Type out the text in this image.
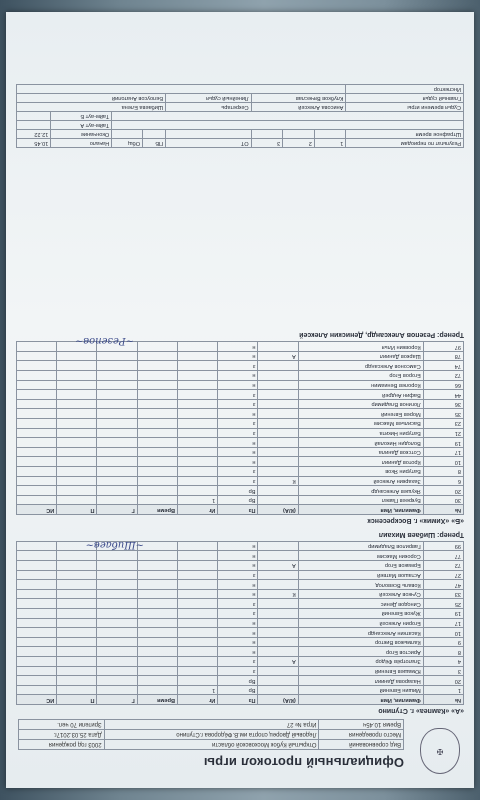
✠
Официальный протокол игры
Вид соревнований	Открытый Кубок Московской области	2003 год рождения
Место проведения	Ледовый Дворец спорта им.В.Фёдорова г.Ступино	Дата 25.03.2017г.
Время 10.45ч	Игра № 27	Зрители 70 чел.
«А» «Кампеа» г. Ступино
№	Фамилия, Имя	(К/А)	Пз	Иг	Время	Г	П	ИС
1	Мишин Евгений		Вр	1				
20	Назарова Даниил		Вр					
3	Юмашев Евгений		з					
4	Златотрёв Фёдор	А	з					
8	Аристов Егор		н					
9	Калмыков Виктор		н					
10	Касаткин Александр		н					
17	Егорин Алексей		н					
19	Жуков Евгений		з					
25	Синодов Денис		з					
33	Сучков Алексей	К	н					
47	Коваль Всеволод		н					
27	Асташов Матвей		з					
72	Ермаков Егор	А	н					
77	Сорокин Максим		н					
99	Гаврилов Владимир		н					
Тренер: Шибаев Михаил
~Шибаев~
«Б» «Химик» г. Воскресенск
№	Фамилия, Имя	(К/А)	Пз	Иг	Время	Г	П	ИС
30	Букреев Павел		Вр	1				
20	Якушев Александр		Вр					
6	Захаркин Алексей	К	з					
8	Батурин Яков		з					
10	Кротов Даниил		н					
17	Сотсков Данила		н					
19	Володин Николай		н					
21	Батурин Никита		з					
23	Васильев Максим		з					
35	Морев Евгений		н					
36	Логинов Владимир		з					
44	Вафин Андрей		з					
66	Королев Вениамин		н					
72	Егоров Егор		н					
74	Самсонов Александр		з					
78	Шарков Даниил	А	н					
97	Коровкин Илья		н					
Тренер: Резепов Александр, Денискин Алексей
~Резепов~
Результат по периодам	1	2	3	ОТ	ПБ	Общ	Начало	10.45
Штрафное время							Окончание	12.22
							Тайм-аут А	
							Тайм-аут Б	
Судья времени игры	Анисова Алексей			Секретарь	Шибаева Елена			
Главный судья	Клубков Вячеслав			Линейный судья	Белоусов Анатолий			
Инспектор								
